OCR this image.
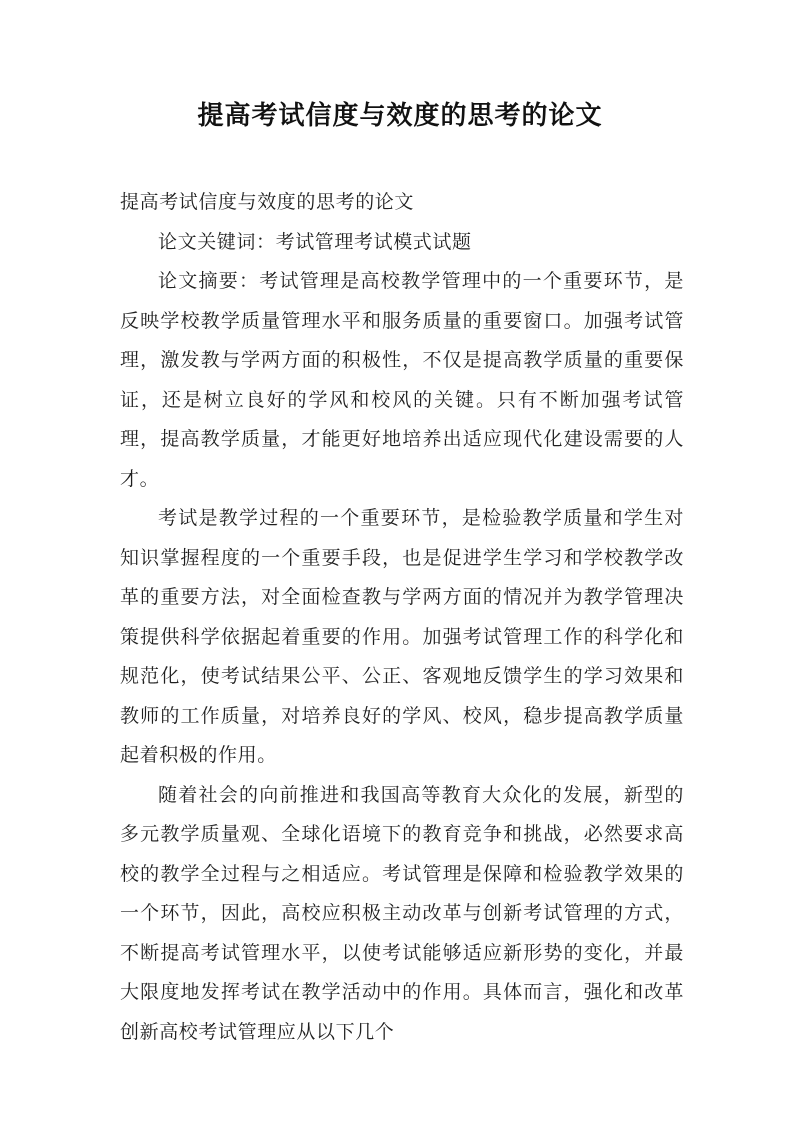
提高考试信度与效度的思考的论文

提高考试信度与效度的思考的论文

论文关键词：考试管理考试模式试题

论文摘要：考试管理是高校教学管理中的一个重要环节，是反映学校教学质量管理水平和服务质量的重要窗口。加强考试管理，激发教与学两方面的积极性，不仅是提高教学质量的重要保证，还是树立良好的学风和校风的关键。只有不断加强考试管理，提高教学质量，才能更好地培养出适应现代化建设需要的人才。

考试是教学过程的一个重要环节，是检验教学质量和学生对知识掌握程度的一个重要手段，也是促进学生学习和学校教学改革的重要方法，对全面检查教与学两方面的情况并为教学管理决策提供科学依据起着重要的作用。加强考试管理工作的科学化和规范化，使考试结果公平、公正、客观地反馈学生的学习效果和教师的工作质量，对培养良好的学风、校风，稳步提高教学质量起着积极的作用。

随着社会的向前推进和我国高等教育大众化的发展，新型的多元教学质量观、全球化语境下的教育竞争和挑战，必然要求高校的教学全过程与之相适应。考试管理是保障和检验教学效果的一个环节，因此，高校应积极主动改革与创新考试管理的方式，不断提高考试管理水平，以使考试能够适应新形势的变化，并最大限度地发挥考试在教学活动中的作用。具体而言，强化和改革创新高校考试管理应从以下几个
